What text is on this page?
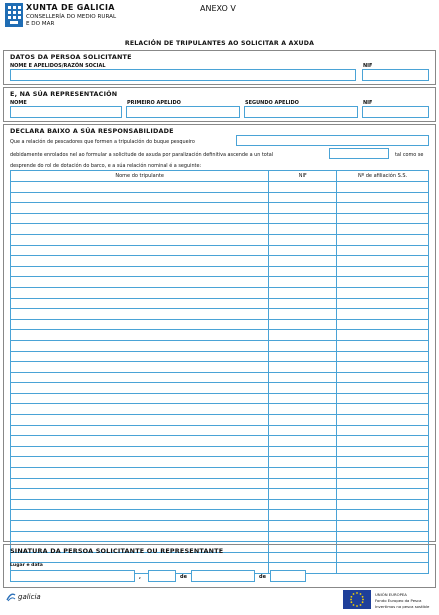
XUNTA DE GALICIA
CONSELLERÍA DO MEDIO RURAL
E DO MAR
ANEXO V
RELACIÓN DE TRIPULANTES AO SOLICITAR A AXUDA
DATOS DA PERSOA SOLICITANTE
NOME E APELIDOS/RAZÓN SOCIAL	NIF
E, NA SÚA REPRESENTACIÓN
NOME	PRIMEIRO APELIDO	SEGUNDO APELIDO	NIF
DECLARA BAIXO A SÚA RESPONSABILIDADE
Que a relación de pescadores que formen a tripulación do buque pesqueiro
debidamente enrolados nel ao formular a solicitude de axuda por paralización definitiva ascende a un total	tal como se
desprende do rol de dotación do barco, e a súa relación nominal é a seguinte:
Nome do tripulante	NIF	Nº de afiliación S.S.

SINATURA DA PERSOA SOLICITANTE OU REPRESENTANTE
Lugar e data
,	de	de
galicia	UNIÓN EUROPEA
Fondo Europeo da Pesca
Invertimos na pesca sostible
